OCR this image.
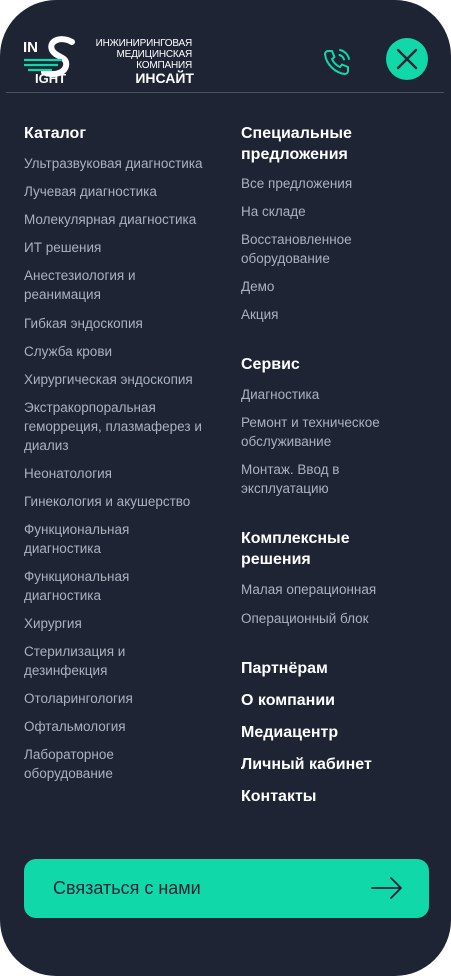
IN
IGHT
ИНЖИНИРИНГОВАЯ
МЕДИЦИНСКАЯ
КОМПАНИЯ
ИНСАЙТ
Каталог
Ультразвуковая диагностика
Лучевая диагностика
Молекулярная диагностика
ИТ решения
Анестезиология и реанимация
Гибкая эндоскопия
Служба крови
Хирургическая эндоскопия
Экстракорпоральная геморреция, плазмаферез и диализ
Неонатология
Гинекология и акушерство
Функциональная диагностика
Функциональная диагностика
Хирургия
Стерилизация и дезинфекция
Отоларингология
Офтальмология
Лабораторное оборудование
Специальные предложения
Все предложения
На складе
Восстановленное оборудование
Демо
Акция
Сервис
Диагностика
Ремонт и техническое обслуживание
Монтаж. Ввод в эксплуатацию
Комплексные решения
Малая операционная
Операционный блок
Партнёрам
О компании
Медиацентр
Личный кабинет
Контакты
Связаться с нами
